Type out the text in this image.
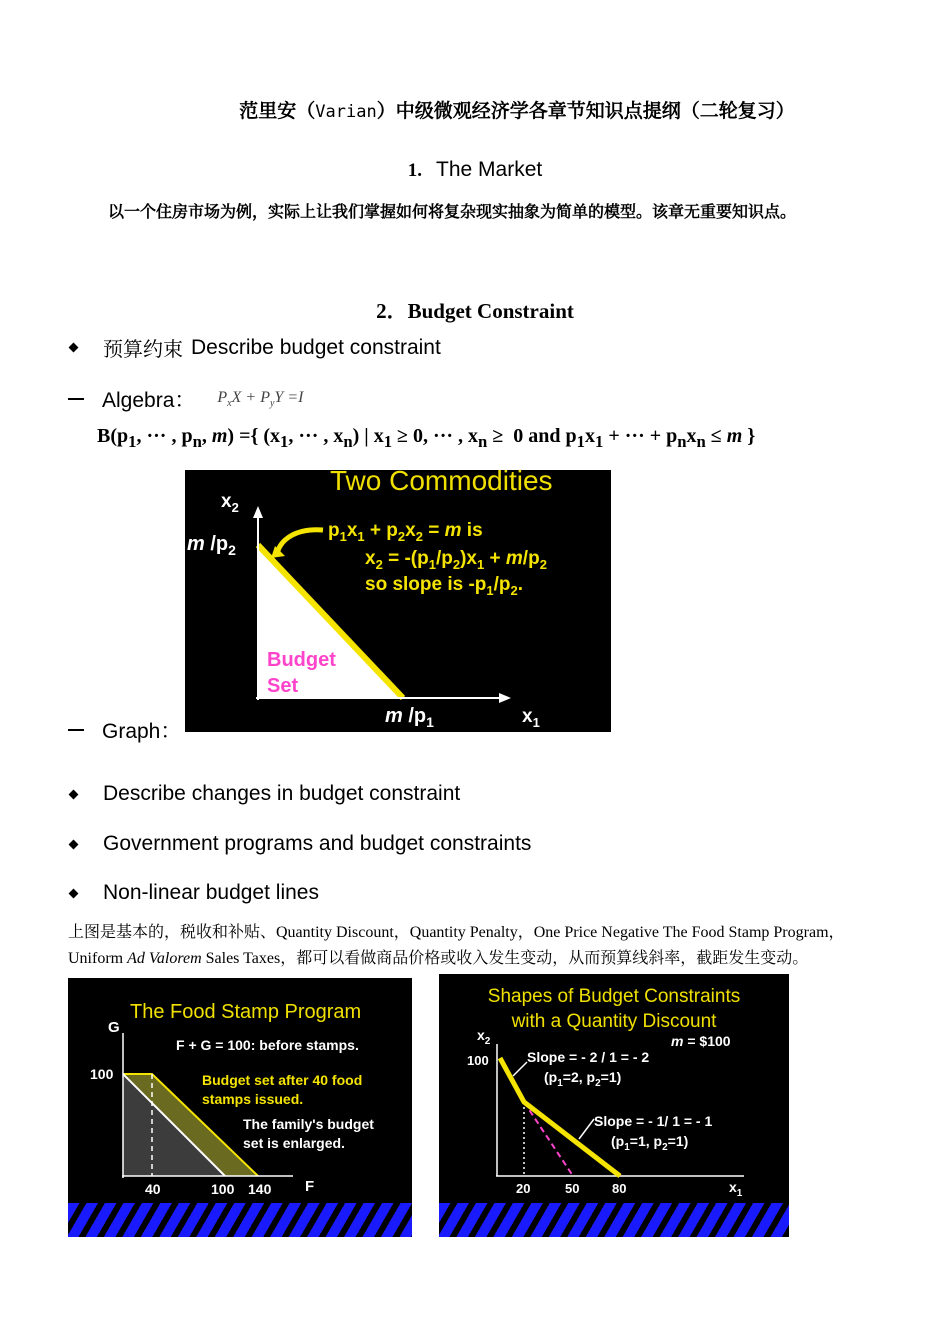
范里安（Varian）中级微观经济学各章节知识点提纲（二轮复习）
1. The Market
以一个住房市场为例，实际上让我们掌握如何将复杂现实抽象为简单的模型。该章无重要知识点。
2．Budget Constraint
预算约束 Describe budget constraint
Algebra： $P_xX + P_yY =I$
$B(p_1$, ··· , $p_n$, m) ={ ($x_1$, ··· , $x_n$) | $x_1 \ge 0$, ··· , $x_n \ge 0$ and $p_1x_1$ + ··· + $p_nx_n \le m$ }
Two Commodities
$x_2$
$x_1$
m $/p_2$
m $/p_1$
$p_1x_1 + p_2x_2 = m$ is
$x_2 = -(p_1/p_2)x_1 + m/p_2$
so slope is $-p_1/p_2$.
Budget
Set
Graph：
Describe changes in budget constraint
Government programs and budget constraints
Non-linear budget lines
上图是基本的，税收和补贴、Quantity Discount，Quantity Penalty，One Price Negative The Food Stamp Program，
Uniform Ad Valorem Sales Taxes，都可以看做商品价格或收入发生变动，从而预算线斜率，截距发生变动。
The Food Stamp Program
G
F
100
40	100 140
F + G = 100: before stamps.
Budget set after 40 food
stamps issued.
The family's budget
set is enlarged.
Shapes of Budget Constraints
with a Quantity Discount
$x_2$
$x_1$
m = $100
100
20	50	80
Slope = - 2 / 1 = - 2
($p_1=2$, $p_2=1$)
Slope = - 1/ 1 = - 1
($p_1=1$, $p_2=1$)
